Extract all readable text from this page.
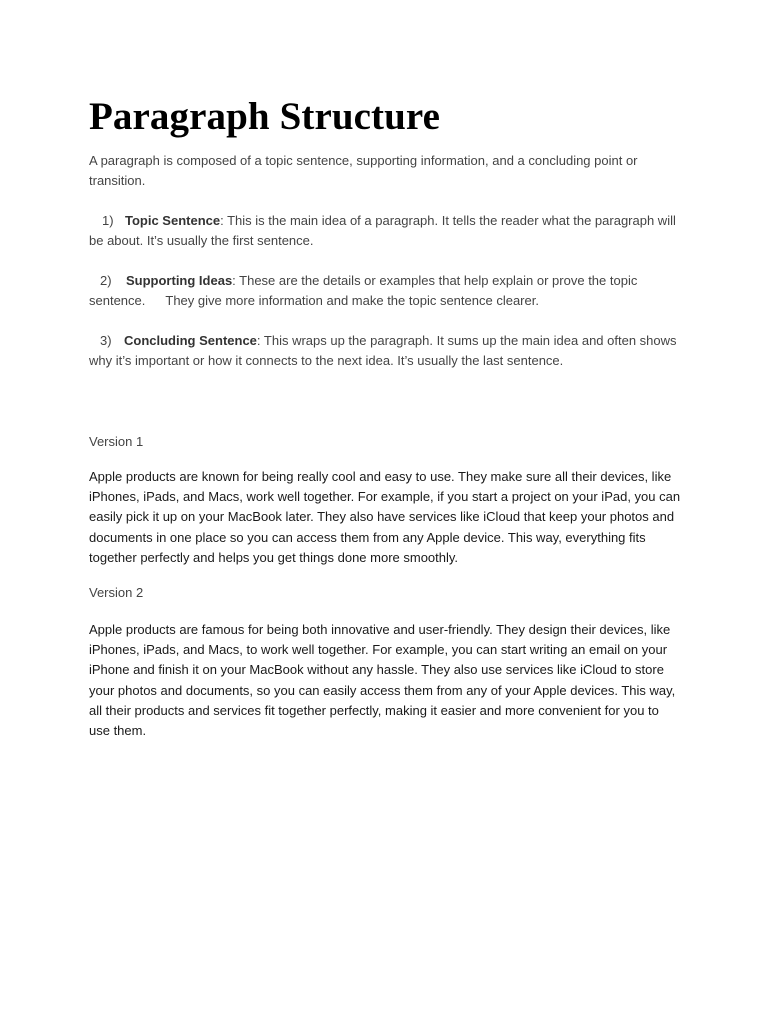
Paragraph Structure

A paragraph is composed of a topic sentence, supporting information, and a concluding point or transition.

1) Topic Sentence: This is the main idea of a paragraph. It tells the reader what the paragraph will be about. It’s usually the first sentence.
2) Supporting Ideas: These are the details or examples that help explain or prove the topic sentence. They give more information and make the topic sentence clearer.
3) Concluding Sentence: This wraps up the paragraph. It sums up the main idea and often shows why it’s important or how it connects to the next idea. It’s usually the last sentence.
Version 1

Apple products are known for being really cool and easy to use. They make sure all their devices, like iPhones, iPads, and Macs, work well together. For example, if you start a project on your iPad, you can easily pick it up on your MacBook later. They also have services like iCloud that keep your photos and documents in one place so you can access them from any Apple device. This way, everything fits together perfectly and helps you get things done more smoothly.

Version 2

Apple products are famous for being both innovative and user-friendly. They design their devices, like iPhones, iPads, and Macs, to work well together. For example, you can start writing an email on your iPhone and finish it on your MacBook without any hassle. They also use services like iCloud to store your photos and documents, so you can easily access them from any of your Apple devices. This way, all their products and services fit together perfectly, making it easier and more convenient for you to use them.
